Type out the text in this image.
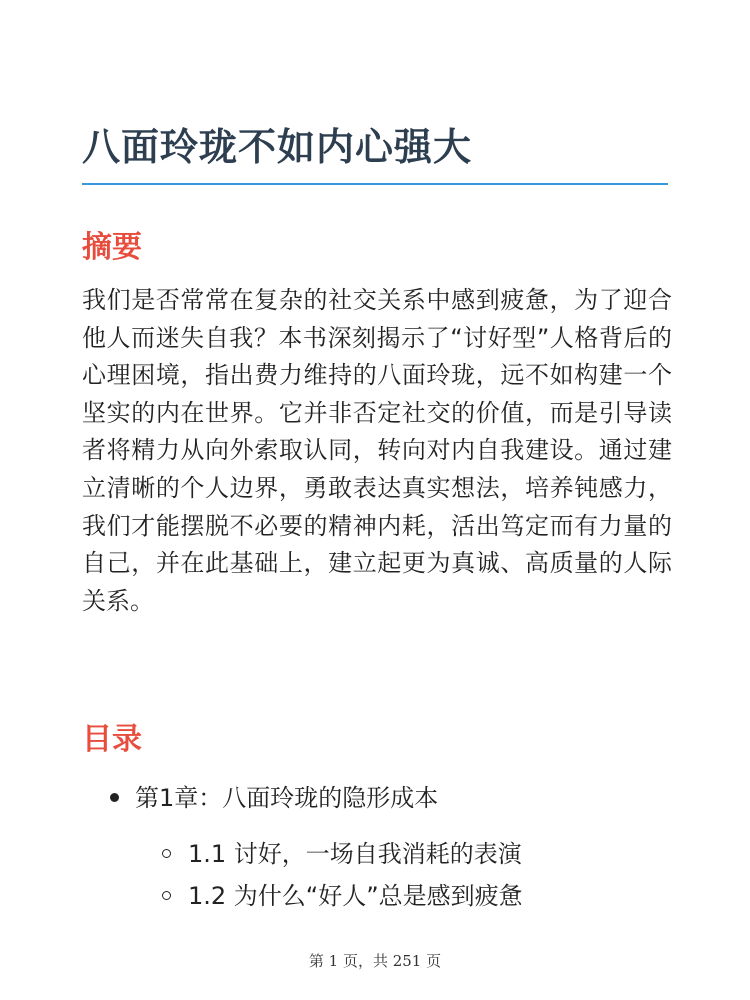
八面玲珑不如内心强大
摘要

我们是否常常在复杂的社交关系中感到疲惫，为了迎合他人而迷失自我？本书深刻揭示了“讨好型”人格背后的心理困境，指出费力维持的八面玲珑，远不如构建一个坚实的内在世界。它并非否定社交的价值，而是引导读者将精力从向外索取认同，转向对内自我建设。通过建立清晰的个人边界，勇敢表达真实想法，培养钝感力，我们才能摆脱不必要的精神内耗，活出笃定而有力量的自己，并在此基础上，建立起更为真诚、高质量的人际关系。

目录
第1章：八面玲珑的隐形成本
1.1 讨好，一场自我消耗的表演
1.2 为什么“好人”总是感到疲惫
第 1 页，共 251 页
